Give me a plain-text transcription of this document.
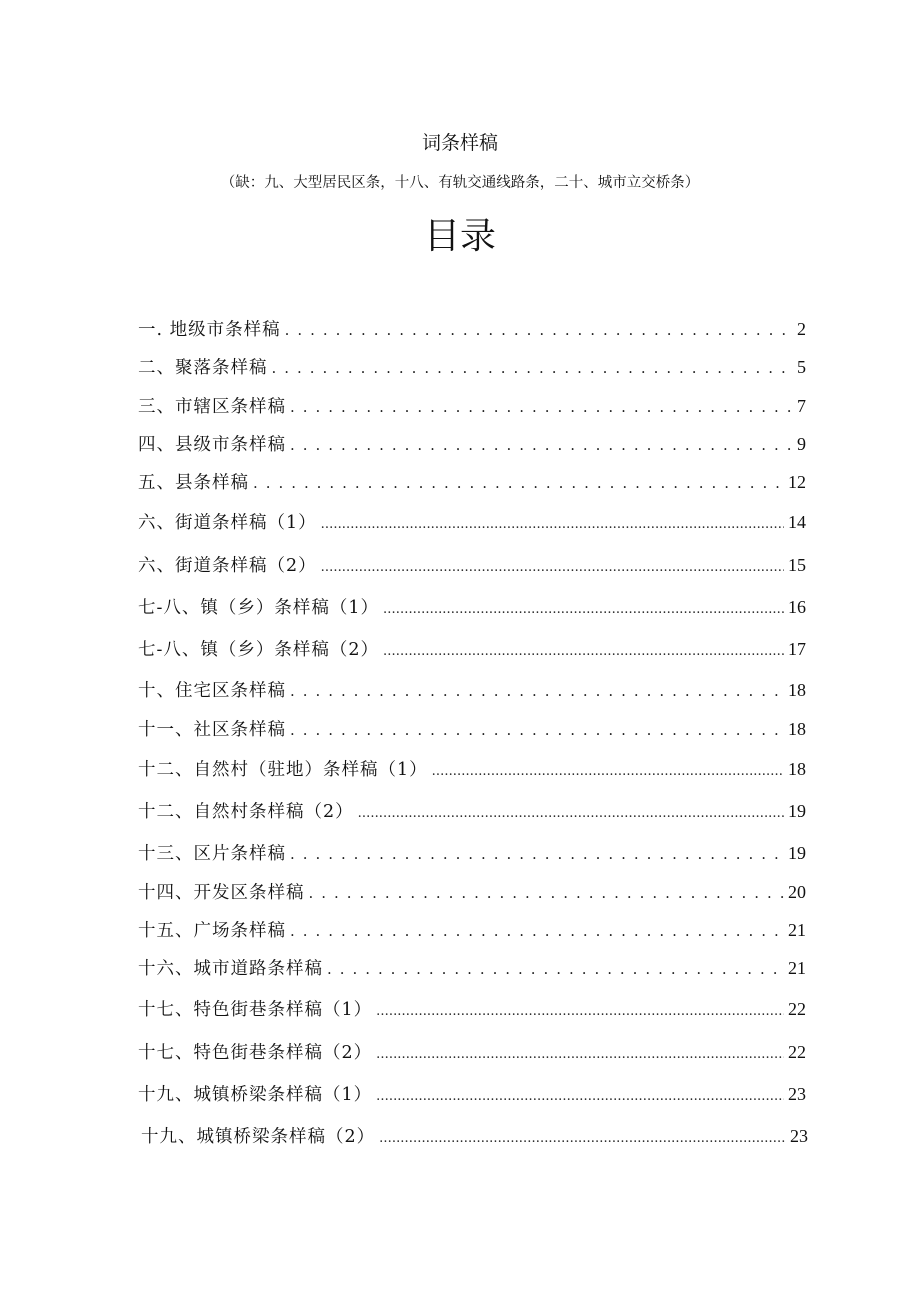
词条样稿
（缺：九、大型居民区条，十八、有轨交通线路条，二十、城市立交桥条）
目录
一. 地级市条样稿 . . .	2
二、聚落条样稿 . . .	5
三、市辖区条样稿 . . .	7
四、县级市条样稿 . . .	9
五、县条样稿 . . .	12
六、街道条样稿（1） .....	14
六、街道条样稿（2） .....	15
七-八、镇（乡）条样稿（1） .....	16
七-八、镇（乡）条样稿（2） .....	17
十、住宅区条样稿 . . .	18
十一、社区条样稿 . . .	18
十二、自然村（驻地）条样稿（1） .....	18
十二、自然村条样稿（2） .....	19
十三、区片条样稿 . . .	19
十四、开发区条样稿 . . .	20
十五、广场条样稿 . . .	21
十六、城市道路条样稿 . . .	21
十七、特色街巷条样稿（1） .....	22
十七、特色街巷条样稿（2） .....	22
十九、城镇桥梁条样稿（1） .....	23
十九、城镇桥梁条样稿（2） .....	23
